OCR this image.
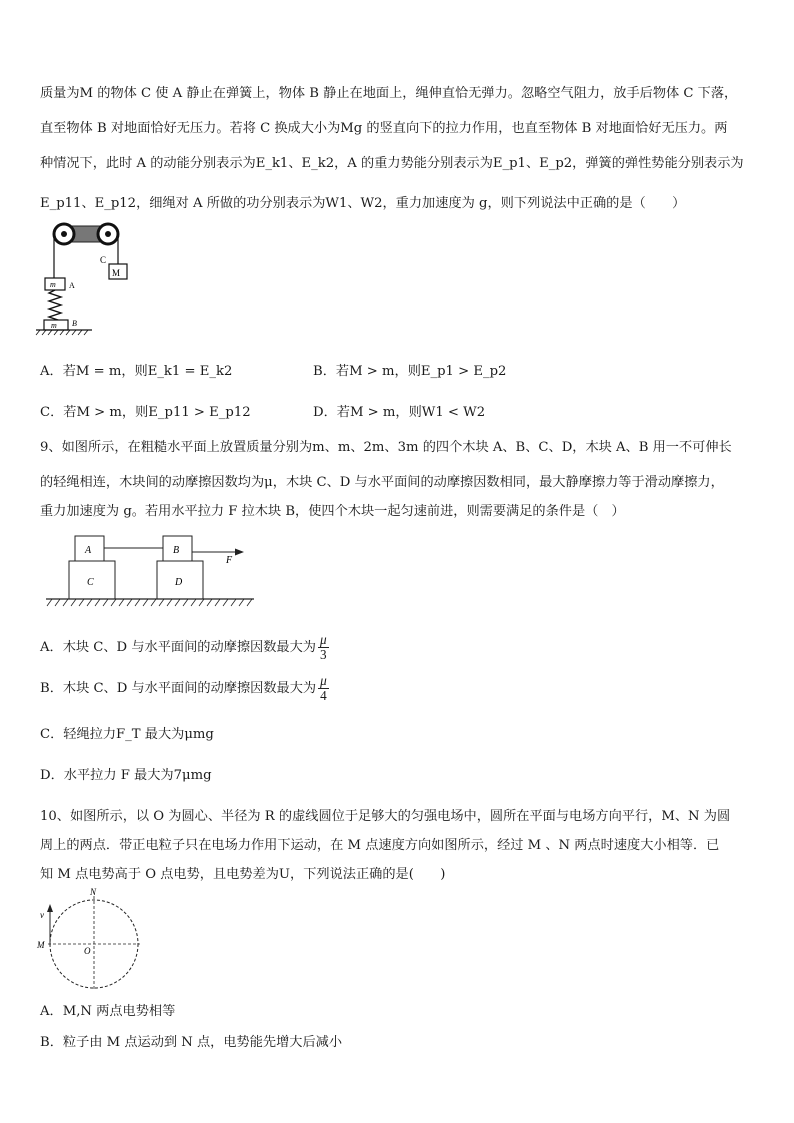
质量为M 的物体 C 使 A 静止在弹簧上，物体 B 静止在地面上，绳伸直恰无弹力。忽略空气阻力，放手后物体 C 下落，
直至物体 B 对地面恰好无压力。若将 C 换成大小为Mg 的竖直向下的拉力作用，也直至物体 B 对地面恰好无压力。两
种情况下，此时 A 的动能分别表示为E_k1、E_k2，A 的重力势能分别表示为E_p1、E_p2，弹簧的弹性势能分别表示为
E_p11、E_p12，细绳对 A 所做的功分别表示为W1、W2，重力加速度为 g，则下列说法中正确的是（　　）
C
M
m A
m B
A．若M = m，则E_k1 = E_k2	B．若M > m，则E_p1 > E_p2
C．若M > m，则E_p11 > E_p12	D．若M > m，则W1 < W2
9、如图所示，在粗糙水平面上放置质量分别为m、m、2m、3m 的四个木块 A、B、C、D，木块 A、B 用一不可伸长
的轻绳相连，木块间的动摩擦因数均为μ，木块 C、D 与水平面间的动摩擦因数相同，最大静摩擦力等于滑动摩擦力，
重力加速度为 g。若用水平拉力 F 拉木块 B，使四个木块一起匀速前进，则需要满足的条件是（　）
A	B
F
C	D
A．木块 C、D 与水平面间的动摩擦因数最大为 $\frac{\mu}{3}$
B．木块 C、D 与水平面间的动摩擦因数最大为 $\frac{\mu}{4}$
C．轻绳拉力F_T 最大为μmg
D．水平拉力 F 最大为7μmg
10、如图所示，以 O 为圆心、半径为 R 的虚线圆位于足够大的匀强电场中，圆所在平面与电场方向平行，M、N 为圆
周上的两点．带正电粒子只在电场力作用下运动，在 M 点速度方向如图所示，经过 M 、N 两点时速度大小相等．已
知 M 点电势高于 O 点电势，且电势差为U，下列说法正确的是(　　)
v
N
M
O
A．M,N 两点电势相等
B．粒子由 M 点运动到 N 点，电势能先增大后减小
